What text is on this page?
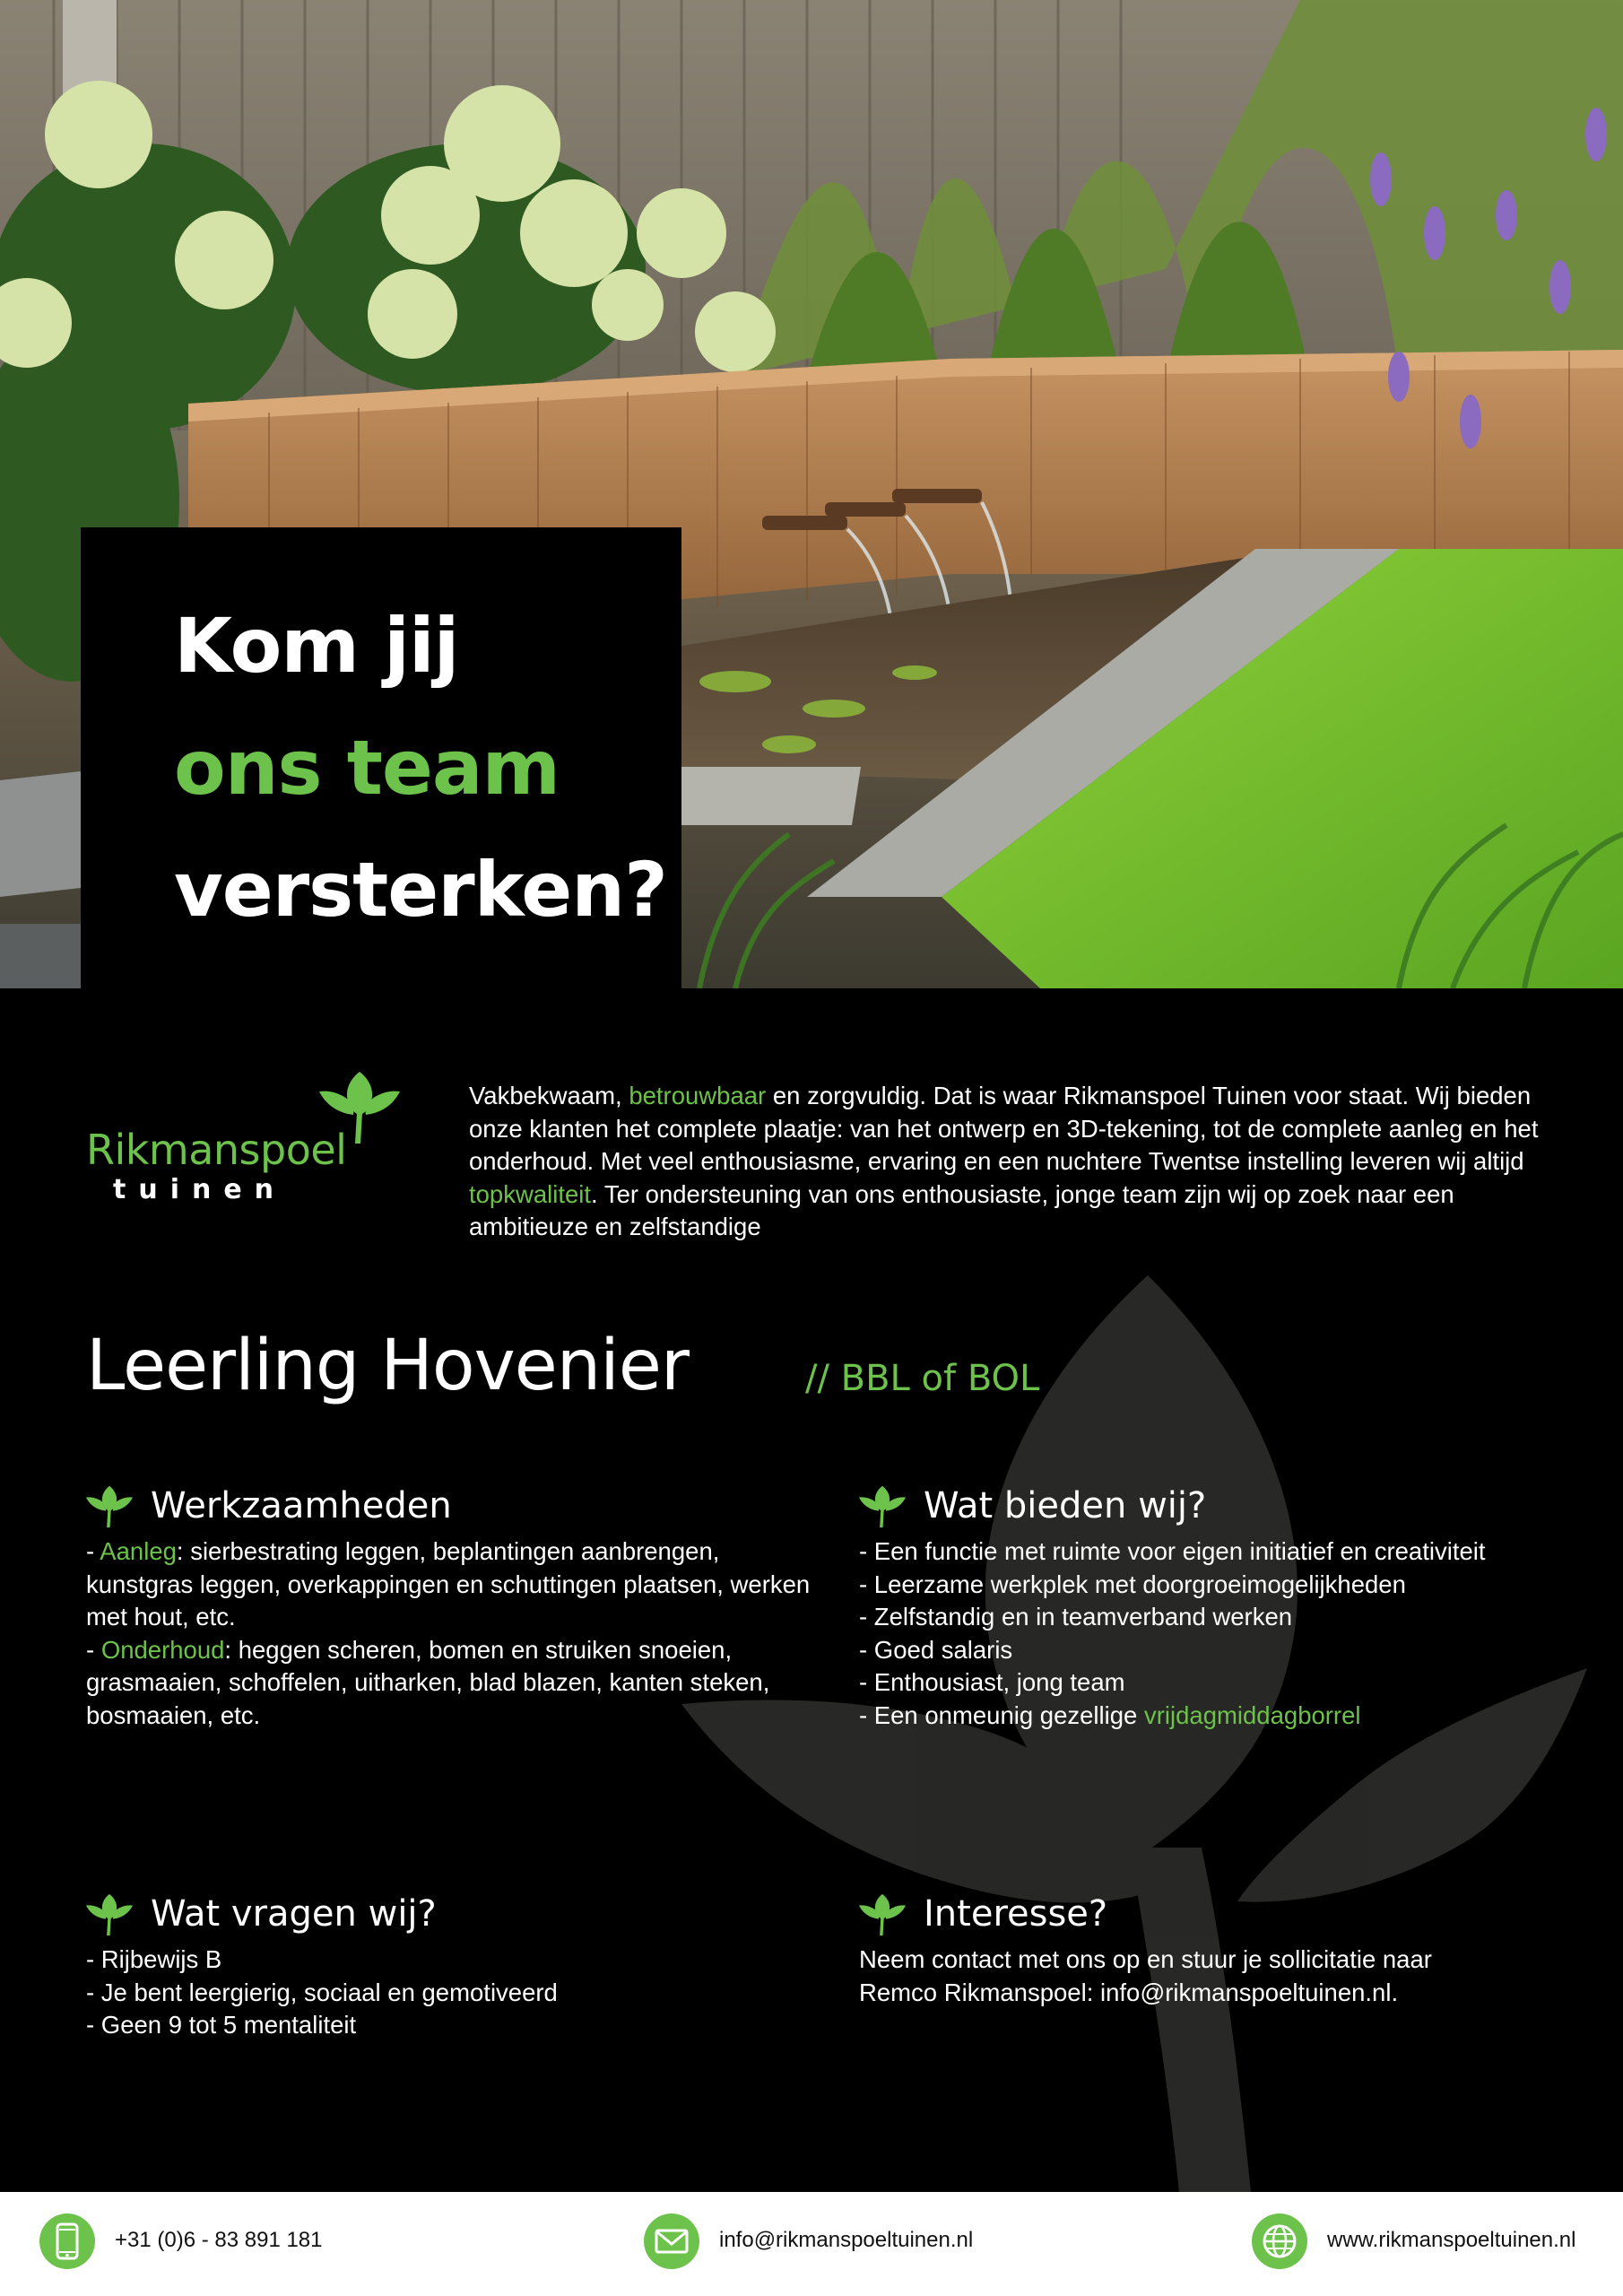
Kom jij
ons team
versterken?
Rikmanspoel
tuinen
Vakbekwaam, betrouwbaar en zorgvuldig. Dat is waar Rikmanspoel Tuinen voor staat. Wij bieden onze klanten het complete plaatje: van het ontwerp en 3D-tekening, tot de complete aanleg en het onderhoud. Met veel enthousiasme, ervaring en een nuchtere Twentse instelling leveren wij altijd topkwaliteit. Ter ondersteuning van ons enthousiaste, jonge team zijn wij op zoek naar een ambitieuze en zelfstandige
Leerling Hovenier	// BBL of BOL
Werkzaamheden
- Aanleg: sierbestrating leggen, beplantingen aanbrengen, kunstgras leggen, overkappingen en schuttingen plaatsen, werken met hout, etc.
- Onderhoud: heggen scheren, bomen en struiken snoeien, grasmaaien, schoffelen, uitharken, blad blazen, kanten steken, bosmaaien, etc.
Wat bieden wij?
- Een functie met ruimte voor eigen initiatief en creativiteit
- Leerzame werkplek met doorgroeimogelijkheden
- Zelfstandig en in teamverband werken
- Goed salaris
- Enthousiast, jong team
- Een onmeunig gezellige vrijdagmiddagborrel
Wat vragen wij?
- Rijbewijs B
- Je bent leergierig, sociaal en gemotiveerd
- Geen 9 tot 5 mentaliteit
Interesse?
Neem contact met ons op en stuur je sollicitatie naar
Remco Rikmanspoel: info@rikmanspoeltuinen.nl.
+31 (0)6 - 83 891 181	info@rikmanspoeltuinen.nl	www.rikmanspoeltuinen.nl
